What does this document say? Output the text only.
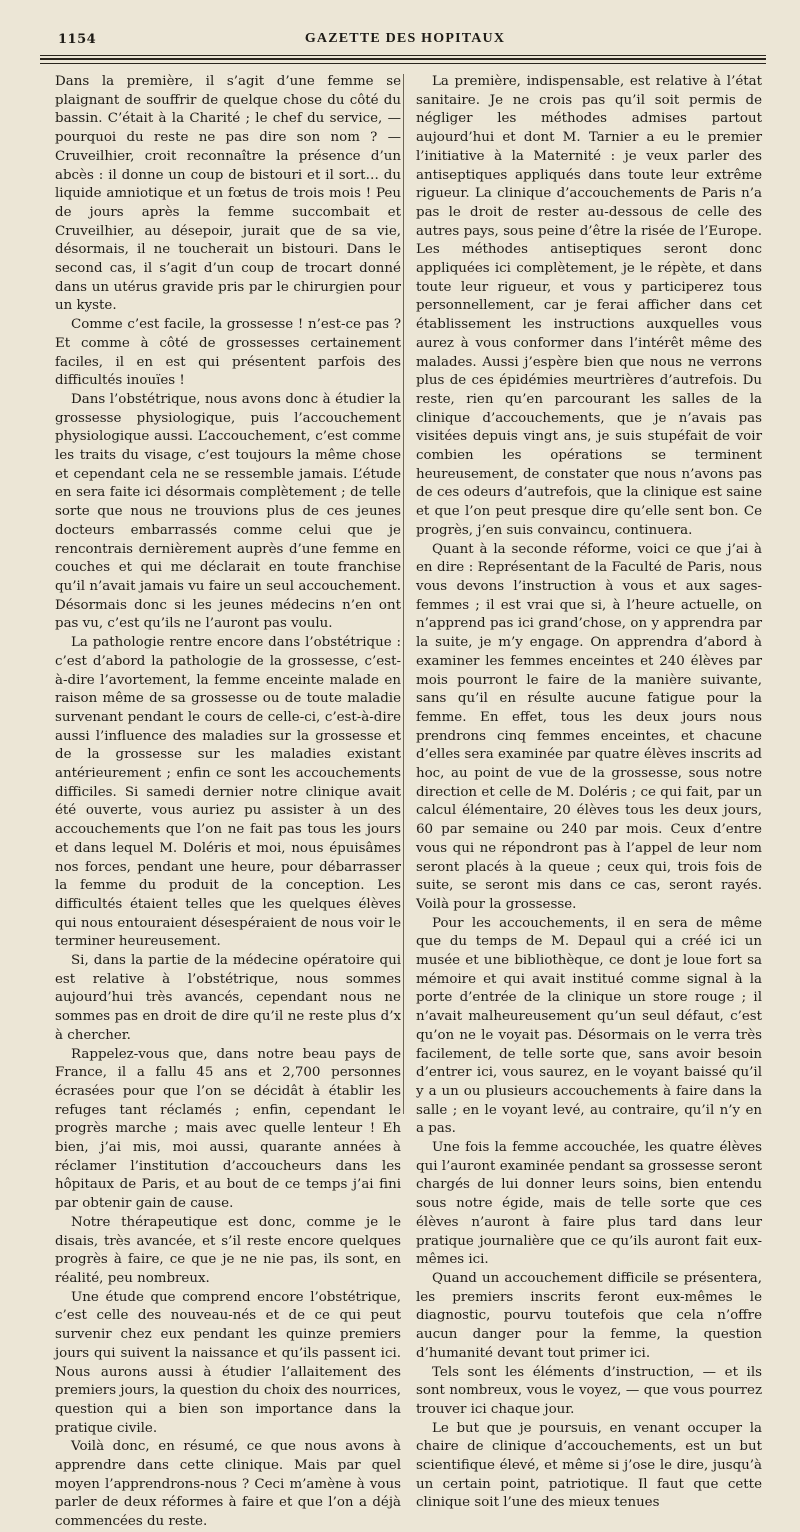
1154	GAZETTE DES HOPITAUX

Dans la première, il s’agit d’une femme se plaignant de souffrir de quelque chose du côté du bassin. C’était à la Charité ; le chef du service, — pourquoi du reste ne pas dire son nom ? — Cruveilhier, croit reconnaître la présence d’un abcès : il donne un coup de bistouri et il sort… du liquide amniotique et un fœtus de trois mois ! Peu de jours après la femme succombait et Cruveilhier, au désepoir, jurait que de sa vie, désormais, il ne toucherait un bistouri. Dans le second cas, il s’agit d’un coup de trocart donné dans un utérus gravide pris par le chirurgien pour un kyste.

Comme c’est facile, la grossesse ! n’est-ce pas ? Et comme à côté de grossesses certainement faciles, il en est qui présentent parfois des difficultés inouïes !

Dans l’obstétrique, nous avons donc à étudier la grossesse physiologique, puis l’accouchement physiologique aussi. L’accouchement, c’est comme les traits du visage, c’est toujours la même chose et cependant cela ne se ressemble jamais. L’étude en sera faite ici désormais complètement ; de telle sorte que nous ne trouvions plus de ces jeunes docteurs embarrassés comme celui que je rencontrais dernièrement auprès d’une femme en couches et qui me déclarait en toute franchise qu’il n’avait jamais vu faire un seul accouchement. Désormais donc si les jeunes médecins n’en ont pas vu, c’est qu’ils ne l’auront pas voulu.

La pathologie rentre encore dans l’obstétrique : c’est d’abord la pathologie de la grossesse, c’est-à-dire l’avortement, la femme enceinte malade en raison même de sa grossesse ou de toute maladie survenant pendant le cours de celle-ci, c’est-à-dire aussi l’influence des maladies sur la grossesse et de la grossesse sur les maladies existant antérieurement ; enfin ce sont les accouchements difficiles. Si samedi dernier notre clinique avait été ouverte, vous auriez pu assister à un des accouchements que l’on ne fait pas tous les jours et dans lequel M. Doléris et moi, nous épuisâmes nos forces, pendant une heure, pour débarrasser la femme du produit de la conception. Les difficultés étaient telles que les quelques élèves qui nous entouraient désespéraient de nous voir le terminer heureusement.

Si, dans la partie de la médecine opératoire qui est relative à l’obstétrique, nous sommes aujourd’hui très avancés, cependant nous ne sommes pas en droit de dire qu’il ne reste plus d’x à chercher.

Rappelez-vous que, dans notre beau pays de France, il a fallu 45 ans et 2,700 personnes écrasées pour que l’on se décidât à établir les refuges tant réclamés ; enfin, cependant le progrès marche ; mais avec quelle lenteur ! Eh bien, j’ai mis, moi aussi, quarante années à réclamer l’institution d’accoucheurs dans les hôpitaux de Paris, et au bout de ce temps j’ai fini par obtenir gain de cause.

Notre thérapeutique est donc, comme je le disais, très avancée, et s’il reste encore quelques progrès à faire, ce que je ne nie pas, ils sont, en réalité, peu nombreux.

Une étude que comprend encore l’obstétrique, c’est celle des nouveau-nés et de ce qui peut survenir chez eux pendant les quinze premiers jours qui suivent la naissance et qu’ils passent ici. Nous aurons aussi à étudier l’allaitement des premiers jours, la question du choix des nourrices, question qui a bien son importance dans la pratique civile.

Voilà donc, en résumé, ce que nous avons à apprendre dans cette clinique. Mais par quel moyen l’apprendrons-nous ? Ceci m’amène à vous parler de deux réformes à faire et que l’on a déjà commencées du reste.

La première, indispensable, est relative à l’état sanitaire. Je ne crois pas qu’il soit permis de négliger les méthodes admises partout aujourd’hui et dont M. Tarnier a eu le premier l’initiative à la Maternité : je veux parler des antiseptiques appliqués dans toute leur extrême rigueur. La clinique d’accouchements de Paris n’a pas le droit de rester au-dessous de celle des autres pays, sous peine d’être la risée de l’Europe. Les méthodes antiseptiques seront donc appliquées ici complètement, je le répète, et dans toute leur rigueur, et vous y participerez tous personnellement, car je ferai afficher dans cet établissement les instructions auxquelles vous aurez à vous conformer dans l’intérêt même des malades. Aussi j’espère bien que nous ne verrons plus de ces épidémies meurtrières d’autrefois. Du reste, rien qu’en parcourant les salles de la clinique d’accouchements, que je n’avais pas visitées depuis vingt ans, je suis stupéfait de voir combien les opérations se terminent heureusement, de constater que nous n’avons pas de ces odeurs d’autrefois, que la clinique est saine et que l’on peut presque dire qu’elle sent bon. Ce progrès, j’en suis convaincu, continuera.

Quant à la seconde réforme, voici ce que j’ai à en dire : Représentant de la Faculté de Paris, nous vous devons l’instruction à vous et aux sages-femmes ; il est vrai que si, à l’heure actuelle, on n’apprend pas ici grand’chose, on y apprendra par la suite, je m’y engage. On apprendra d’abord à examiner les femmes enceintes et 240 élèves par mois pourront le faire de la manière suivante, sans qu’il en résulte aucune fatigue pour la femme. En effet, tous les deux jours nous prendrons cinq femmes enceintes, et chacune d’elles sera examinée par quatre élèves inscrits ad hoc, au point de vue de la grossesse, sous notre direction et celle de M. Doléris ; ce qui fait, par un calcul élémentaire, 20 élèves tous les deux jours, 60 par semaine ou 240 par mois. Ceux d’entre vous qui ne répondront pas à l’appel de leur nom seront placés à la queue ; ceux qui, trois fois de suite, se seront mis dans ce cas, seront rayés. Voilà pour la grossesse.

Pour les accouchements, il en sera de même que du temps de M. Depaul qui a créé ici un musée et une bibliothèque, ce dont je loue fort sa mémoire et qui avait institué comme signal à la porte d’entrée de la clinique un store rouge ; il n’avait malheureusement qu’un seul défaut, c’est qu’on ne le voyait pas. Désormais on le verra très facilement, de telle sorte que, sans avoir besoin d’entrer ici, vous saurez, en le voyant baissé qu’il y a un ou plusieurs accouchements à faire dans la salle ; en le voyant levé, au contraire, qu’il n’y en a pas.

Une fois la femme accouchée, les quatre élèves qui l’auront examinée pendant sa grossesse seront chargés de lui donner leurs soins, bien entendu sous notre égide, mais de telle sorte que ces élèves n’auront à faire plus tard dans leur pratique journalière que ce qu’ils auront fait eux-mêmes ici.

Quand un accouchement difficile se présentera, les premiers inscrits feront eux-mêmes le diagnostic, pourvu toutefois que cela n’offre aucun danger pour la femme, la question d’humanité devant tout primer ici.

Tels sont les éléments d’instruction, — et ils sont nombreux, vous le voyez, — que vous pourrez trouver ici chaque jour.

Le but que je poursuis, en venant occuper la chaire de clinique d’accouchements, est un but scientifique élevé, et même si j’ose le dire, jusqu’à un certain point, patriotique. Il faut que cette clinique soit l’une des mieux tenues
